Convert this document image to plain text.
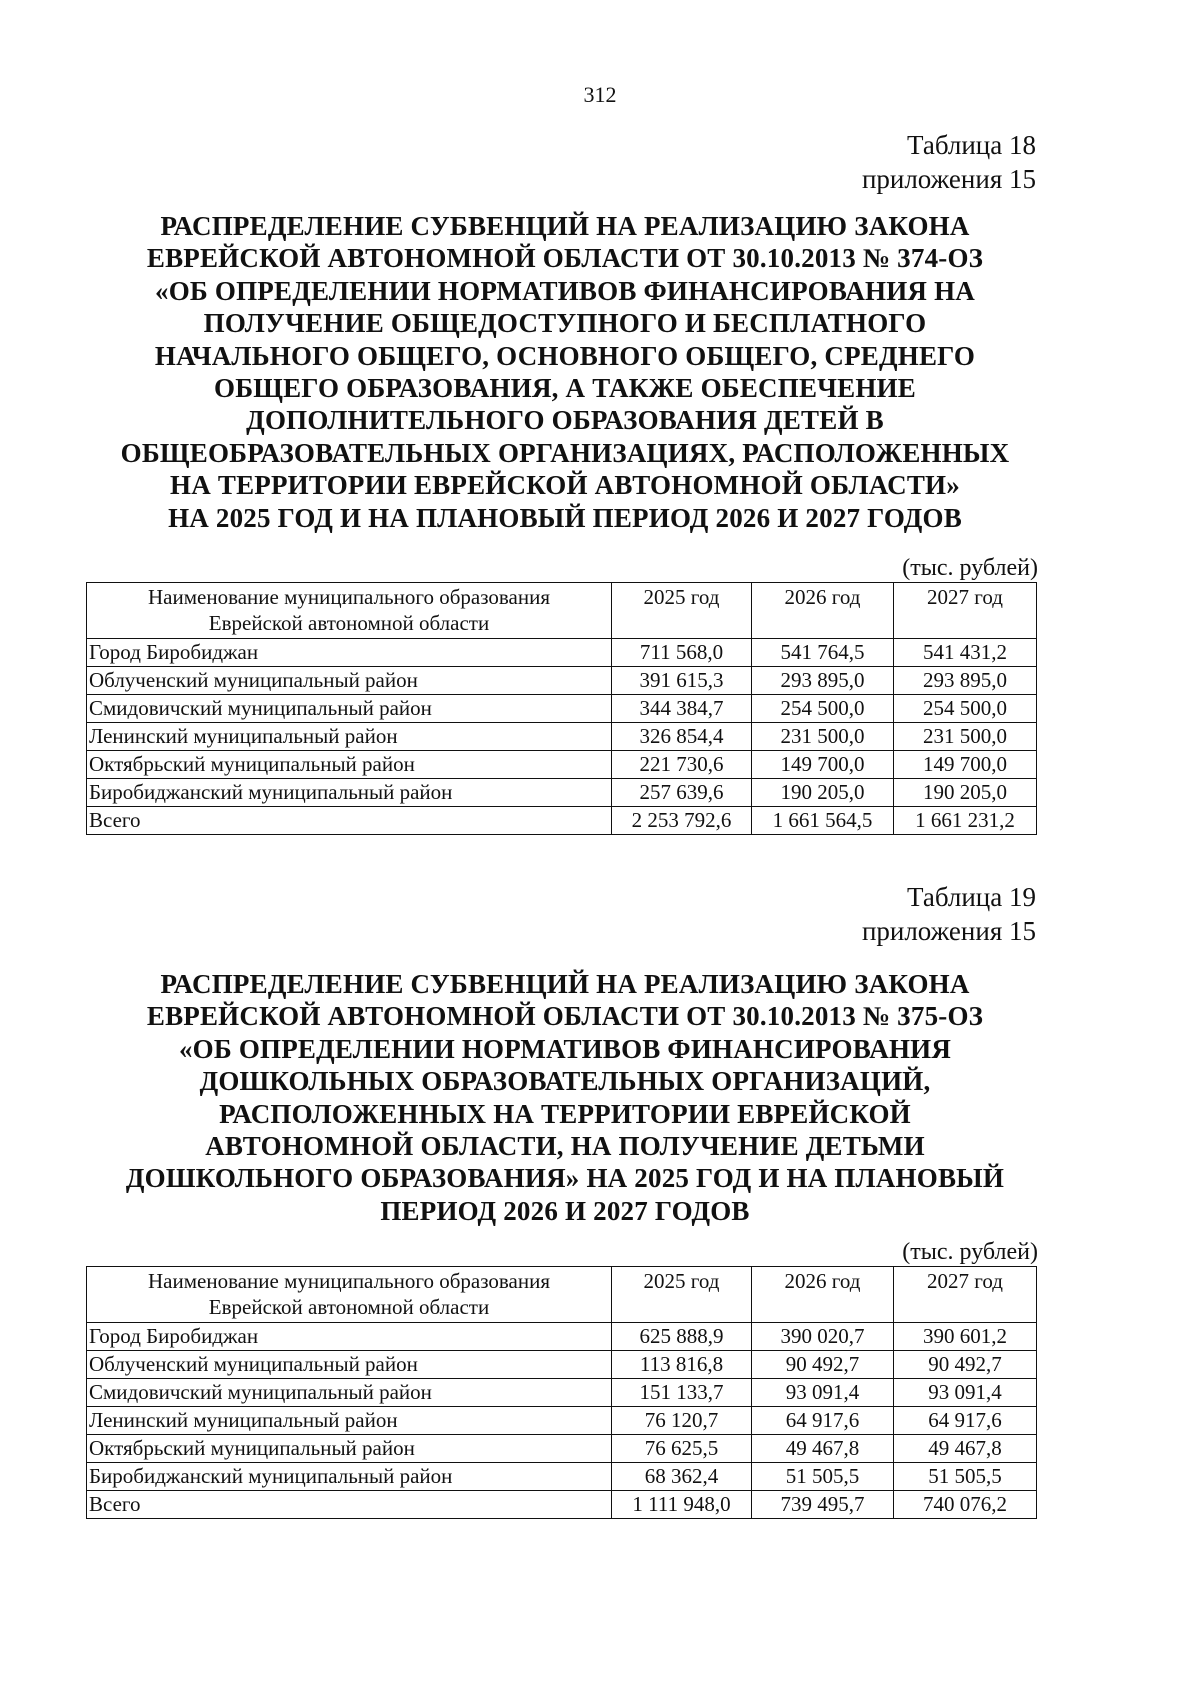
312
Таблица 18
приложения 15
РАСПРЕДЕЛЕНИЕ СУБВЕНЦИЙ НА РЕАЛИЗАЦИЮ ЗАКОНА
ЕВРЕЙСКОЙ АВТОНОМНОЙ ОБЛАСТИ ОТ 30.10.2013 № 374-ОЗ
«ОБ ОПРЕДЕЛЕНИИ НОРМАТИВОВ ФИНАНСИРОВАНИЯ НА
ПОЛУЧЕНИЕ ОБЩЕДОСТУПНОГО И БЕСПЛАТНОГО
НАЧАЛЬНОГО ОБЩЕГО, ОСНОВНОГО ОБЩЕГО, СРЕДНЕГО
ОБЩЕГО ОБРАЗОВАНИЯ, А ТАКЖЕ ОБЕСПЕЧЕНИЕ
ДОПОЛНИТЕЛЬНОГО ОБРАЗОВАНИЯ ДЕТЕЙ В
ОБЩЕОБРАЗОВАТЕЛЬНЫХ ОРГАНИЗАЦИЯХ, РАСПОЛОЖЕННЫХ
НА ТЕРРИТОРИИ ЕВРЕЙСКОЙ АВТОНОМНОЙ ОБЛАСТИ»
НА 2025 ГОД И НА ПЛАНОВЫЙ ПЕРИОД 2026 И 2027 ГОДОВ
(тыс. рублей)
Наименование муниципального образования
Еврейской автономной области	2025 год	2026 год	2027 год
Город Биробиджан	711 568,0	541 764,5	541 431,2
Облученский муниципальный район	391 615,3	293 895,0	293 895,0
Смидовичский муниципальный район	344 384,7	254 500,0	254 500,0
Ленинский муниципальный район	326 854,4	231 500,0	231 500,0
Октябрьский муниципальный район	221 730,6	149 700,0	149 700,0
Биробиджанский муниципальный район	257 639,6	190 205,0	190 205,0
Всего	2 253 792,6	1 661 564,5	1 661 231,2
Таблица 19
приложения 15
РАСПРЕДЕЛЕНИЕ СУБВЕНЦИЙ НА РЕАЛИЗАЦИЮ ЗАКОНА
ЕВРЕЙСКОЙ АВТОНОМНОЙ ОБЛАСТИ ОТ 30.10.2013 № 375-ОЗ
«ОБ ОПРЕДЕЛЕНИИ НОРМАТИВОВ ФИНАНСИРОВАНИЯ
ДОШКОЛЬНЫХ ОБРАЗОВАТЕЛЬНЫХ ОРГАНИЗАЦИЙ,
РАСПОЛОЖЕННЫХ НА ТЕРРИТОРИИ ЕВРЕЙСКОЙ
АВТОНОМНОЙ ОБЛАСТИ, НА ПОЛУЧЕНИЕ ДЕТЬМИ
ДОШКОЛЬНОГО ОБРАЗОВАНИЯ» НА 2025 ГОД И НА ПЛАНОВЫЙ
ПЕРИОД 2026 И 2027 ГОДОВ
(тыс. рублей)
Наименование муниципального образования
Еврейской автономной области	2025 год	2026 год	2027 год
Город Биробиджан	625 888,9	390 020,7	390 601,2
Облученский муниципальный район	113 816,8	90 492,7	90 492,7
Смидовичский муниципальный район	151 133,7	93 091,4	93 091,4
Ленинский муниципальный район	76 120,7	64 917,6	64 917,6
Октябрьский муниципальный район	76 625,5	49 467,8	49 467,8
Биробиджанский муниципальный район	68 362,4	51 505,5	51 505,5
Всего	1 111 948,0	739 495,7	740 076,2
